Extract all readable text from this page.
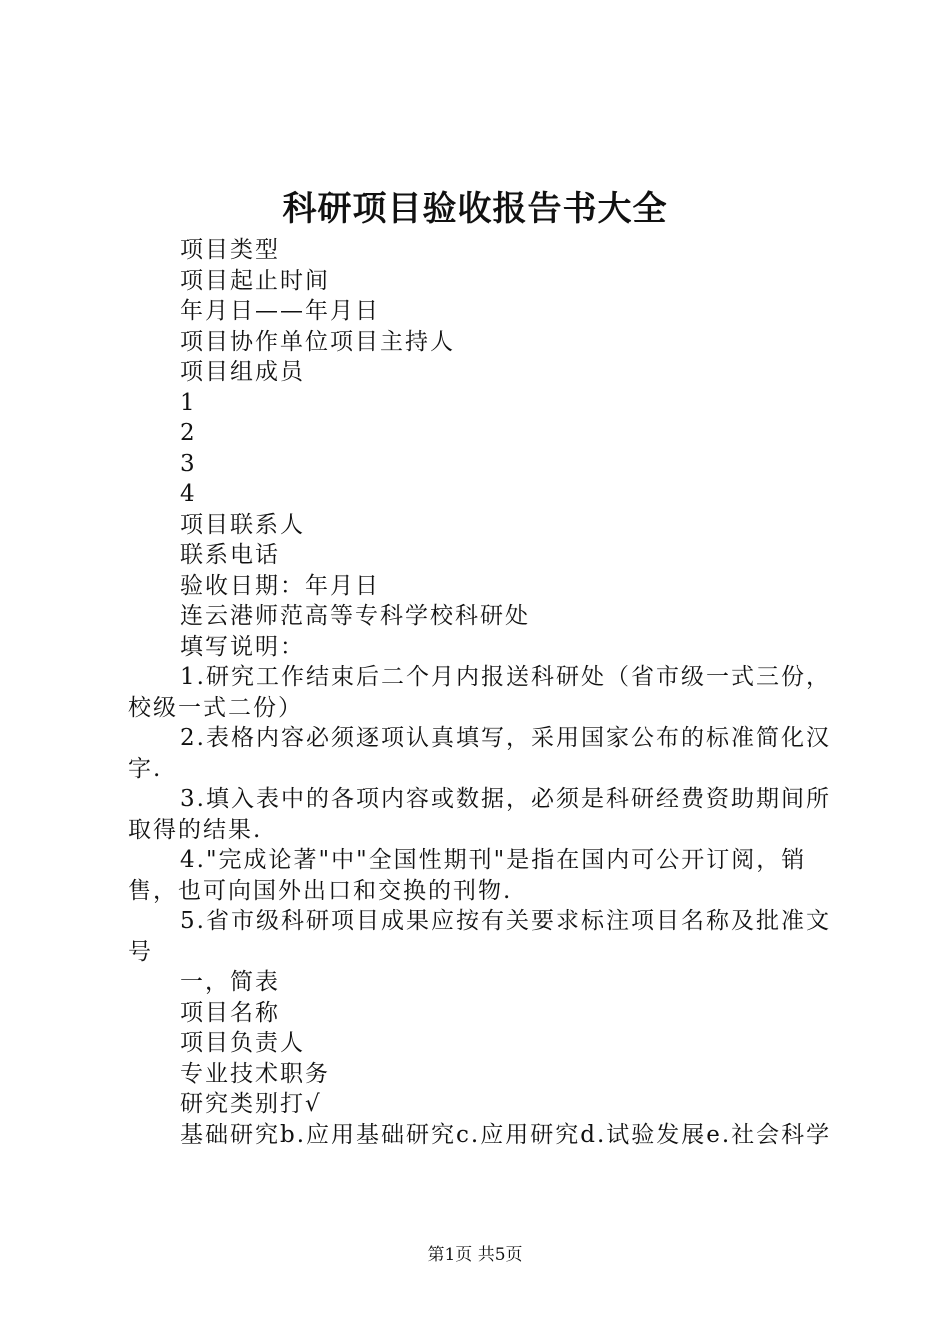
科研项目验收报告书大全

项目类型

项目起止时间

年月日——年月日

项目协作单位项目主持人

项目组成员

1

2

3

4

项目联系人

联系电话

验收日期：年月日

连云港师范高等专科学校科研处

填写说明：

1.研究工作结束后二个月内报送科研处（省市级一式三份，校级一式二份）

2.表格内容必须逐项认真填写，采用国家公布的标准简化汉字.

3.填入表中的各项内容或数据，必须是科研经费资助期间所取得的结果.

4."完成论著"中"全国性期刊"是指在国内可公开订阅，销售，也可向国外出口和交换的刊物.

5.省市级科研项目成果应按有关要求标注项目名称及批准文号

一，简表

项目名称

项目负责人

专业技术职务

研究类别打√

基础研究b.应用基础研究c.应用研究d.试验发展e.社会科学

第1页 共5页
